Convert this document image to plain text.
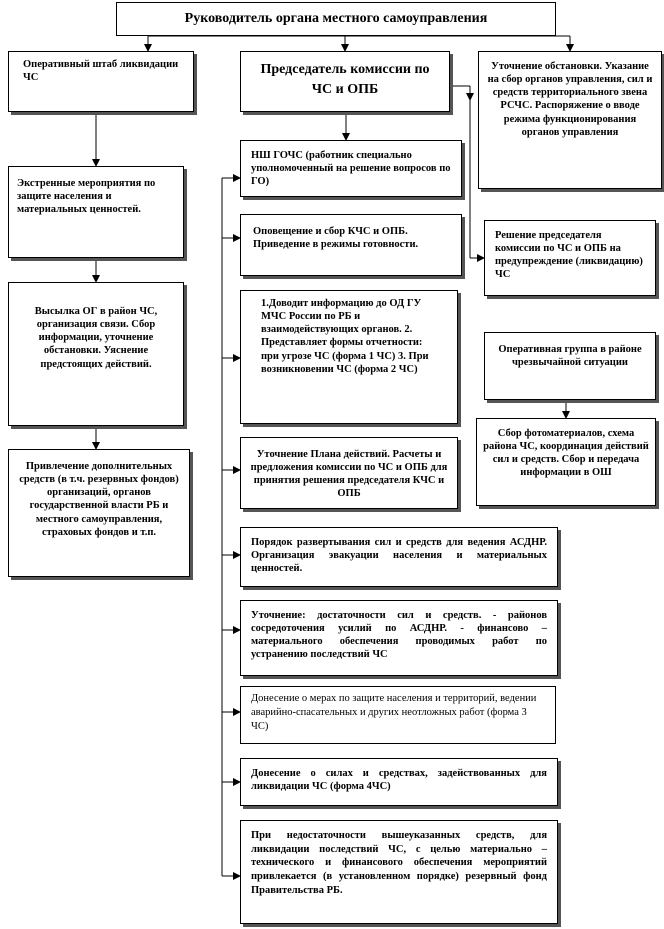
Руководитель органа местного самоуправления
Оперативный штаб ликвидации ЧС
Председатель комиссии по ЧС и ОПБ
Уточнение обстановки. Указание на сбор органов управления, сил и средств территориального звена РСЧС. Распоряжение о вводе режима функционирования органов управления
НШ ГОЧС (работник специально уполномоченный на решение вопросов по ГО)
Экстренные мероприятия по защите населения и материальных ценностей.
Оповещение и сбор КЧС и ОПБ. Приведение в режимы готовности.
Решение председателя комиссии по ЧС и ОПБ на предупреждение (ликвидацию) ЧС
Высылка ОГ в район ЧС, организация связи. Сбор информации, уточнение обстановки. Уяснение предстоящих действий.
1.Доводит информацию до ОД ГУ МЧС России по РБ и взаимодействующих органов. 2. Представляет формы отчетности: при угрозе ЧС (форма 1 ЧС) 3. При возникновении ЧС (форма 2 ЧС)
Оперативная группа в районе чрезвычайной ситуации
Привлечение дополнительных средств (в т.ч. резервных фондов) организаций, органов государственной власти РБ и местного самоуправления, страховых фондов и т.п.
Уточнение Плана действий. Расчеты и предложения комиссии по ЧС и ОПБ для принятия решения председателя КЧС и ОПБ
Сбор фотоматериалов, схема района ЧС, координация действий сил и средств. Сбор и передача информации в ОШ
Порядок развертывания сил и средств для ведения АСДНР. Организация эвакуации населения и материальных ценностей.
Уточнение: достаточности сил и средств. - районов сосредоточения усилий по АСДНР. - финансово – материального обеспечения проводимых работ по устранению последствий ЧС
Донесение о мерах по защите населения и территорий, ведении аварийно-спасательных и других неотложных работ (форма 3 ЧС)
Донесение о силах и средствах, задействованных для ликвидации ЧС (форма 4ЧС)
При недостаточности вышеуказанных средств, для ликвидации последствий ЧС, с целью материально – технического и финансового обеспечения мероприятий привлекается (в установленном порядке) резервный фонд Правительства РБ.
